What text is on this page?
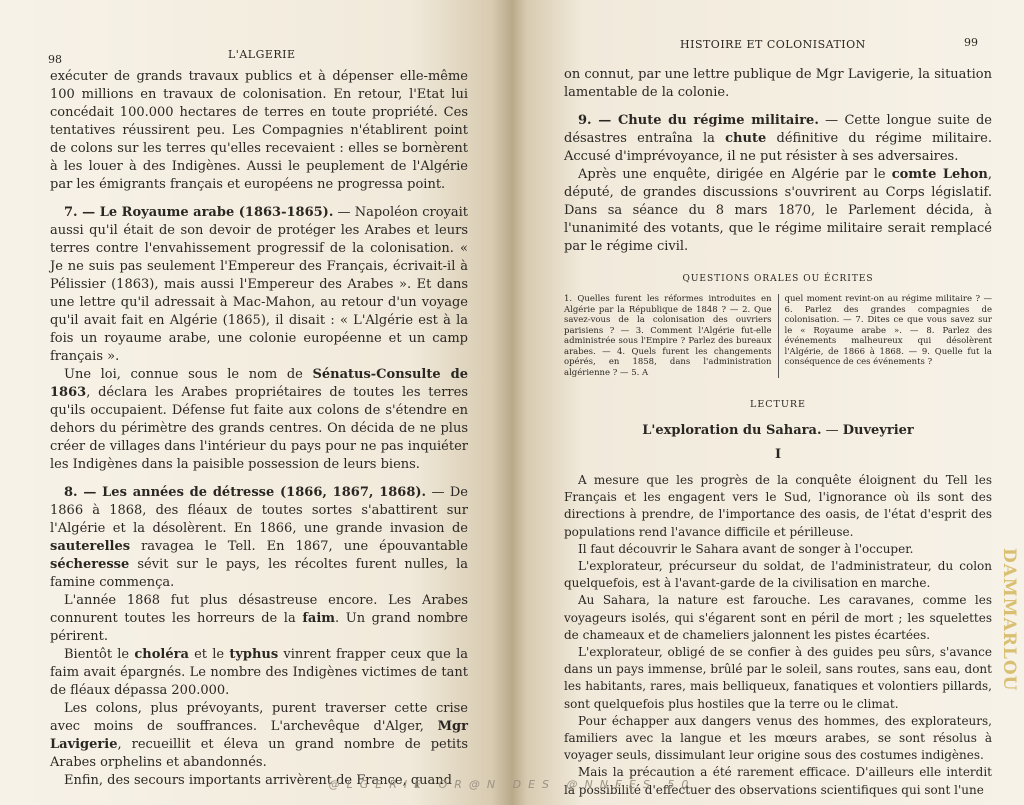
98	L'ALGERIE

exécuter de grands travaux publics et à dépenser elle-même 100 millions en travaux de colonisation. En retour, l'Etat lui concédait 100.000 hectares de terres en toute propriété. Ces tentatives réussirent peu. Les Compagnies n'établirent point de colons sur les terres qu'elles recevaient : elles se bornèrent à les louer à des Indigènes. Aussi le peuplement de l'Algérie par les émigrants français et européens ne progressa point.

7. — Le Royaume arabe (1863-1865). — Napoléon croyait aussi qu'il était de son devoir de protéger les Arabes et leurs terres contre l'envahissement progressif de la colonisation. « Je ne suis pas seulement l'Empereur des Français, écrivait-il à Pélissier (1863), mais aussi l'Empereur des Arabes ». Et dans une lettre qu'il adressait à Mac-Mahon, au retour d'un voyage qu'il avait fait en Algérie (1865), il disait : « L'Algérie est à la fois un royaume arabe, une colonie européenne et un camp français ».

Une loi, connue sous le nom de Sénatus-Consulte de 1863, déclara les Arabes propriétaires de toutes les terres qu'ils occupaient. Défense fut faite aux colons de s'étendre en dehors du périmètre des grands centres. On décida de ne plus créer de villages dans l'intérieur du pays pour ne pas inquiéter les Indigènes dans la paisible possession de leurs biens.

8. — Les années de détresse (1866, 1867, 1868). — De 1866 à 1868, des fléaux de toutes sortes s'abattirent sur l'Algérie et la désolèrent. En 1866, une grande invasion de sauterelles ravagea le Tell. En 1867, une épouvantable sécheresse sévit sur le pays, les récoltes furent nulles, la famine commença.

L'année 1868 fut plus désastreuse encore. Les Arabes connurent toutes les horreurs de la faim. Un grand nombre périrent.

Bientôt le choléra et le typhus vinrent frapper ceux que la faim avait épargnés. Le nombre des Indigènes victimes de tant de fléaux dépassa 200.000.

Les colons, plus prévoyants, purent traverser cette crise avec moins de souffrances. L'archevêque d'Alger, Mgr Lavigerie, recueillit et éleva un grand nombre de petits Arabes orphelins et abandonnés.

Enfin, des secours importants arrivèrent de France, quand

HISTOIRE ET COLONISATION	99

on connut, par une lettre publique de Mgr Lavigerie, la situation lamentable de la colonie.

9. — Chute du régime militaire. — Cette longue suite de désastres entraîna la chute définitive du régime militaire. Accusé d'imprévoyance, il ne put résister à ses adversaires.

Après une enquête, dirigée en Algérie par le comte Lehon, député, de grandes discussions s'ouvrirent au Corps législatif. Dans sa séance du 8 mars 1870, le Parlement décida, à l'unanimité des votants, que le régime militaire serait remplacé par le régime civil.

QUESTIONS ORALES OU ÉCRITES
1. Quelles furent les réformes introduites en Algérie par la République de 1848 ? — 2. Que savez-vous de la colonisation des ouvriers parisiens ? — 3. Comment l'Algérie fut-elle administrée sous l'Empire ? Parlez des bureaux arabes. — 4. Quels furent les changements opérés, en 1858, dans l'administration algérienne ? — 5. A
quel moment revint-on au régime militaire ? — 6. Parlez des grandes compagnies de colonisation. — 7. Dites ce que vous savez sur le « Royaume arabe ». — 8. Parlez des événements malheureux qui désolèrent l'Algérie, de 1866 à 1868. — 9. Quelle fut la conséquence de ces événements ?
LECTURE
L'exploration du Sahara. — Duveyrier
I

A mesure que les progrès de la conquête éloignent du Tell les Français et les engagent vers le Sud, l'ignorance où ils sont des directions à prendre, de l'importance des oasis, de l'état d'esprit des populations rend l'avance difficile et périlleuse.

Il faut découvrir le Sahara avant de songer à l'occuper.

L'explorateur, précurseur du soldat, de l'administrateur, du colon quelquefois, est à l'avant-garde de la civilisation en marche.

Au Sahara, la nature est farouche. Les caravanes, comme les voyageurs isolés, qui s'égarent sont en péril de mort ; les squelettes de chameaux et de chameliers jalonnent les pistes écartées.

L'explorateur, obligé de se confier à des guides peu sûrs, s'avance dans un pays immense, brûlé par le soleil, sans routes, sans eau, dont les habitants, rares, mais belliqueux, fanatiques et volontiers pillards, sont quelquefois plus hostiles que la terre ou le climat.

Pour échapper aux dangers venus des hommes, des explorateurs, familiers avec la langue et les mœurs arabes, se sont résolus à voyager seuls, dissimulant leur origine sous des costumes indigènes.

Mais la précaution a été rarement efficace. D'ailleurs elle interdit la possibilité d'effectuer des observations scientifiques qui sont l'une

DAMMARLOU
@LGERIE OR@N DES @NNEES 50
